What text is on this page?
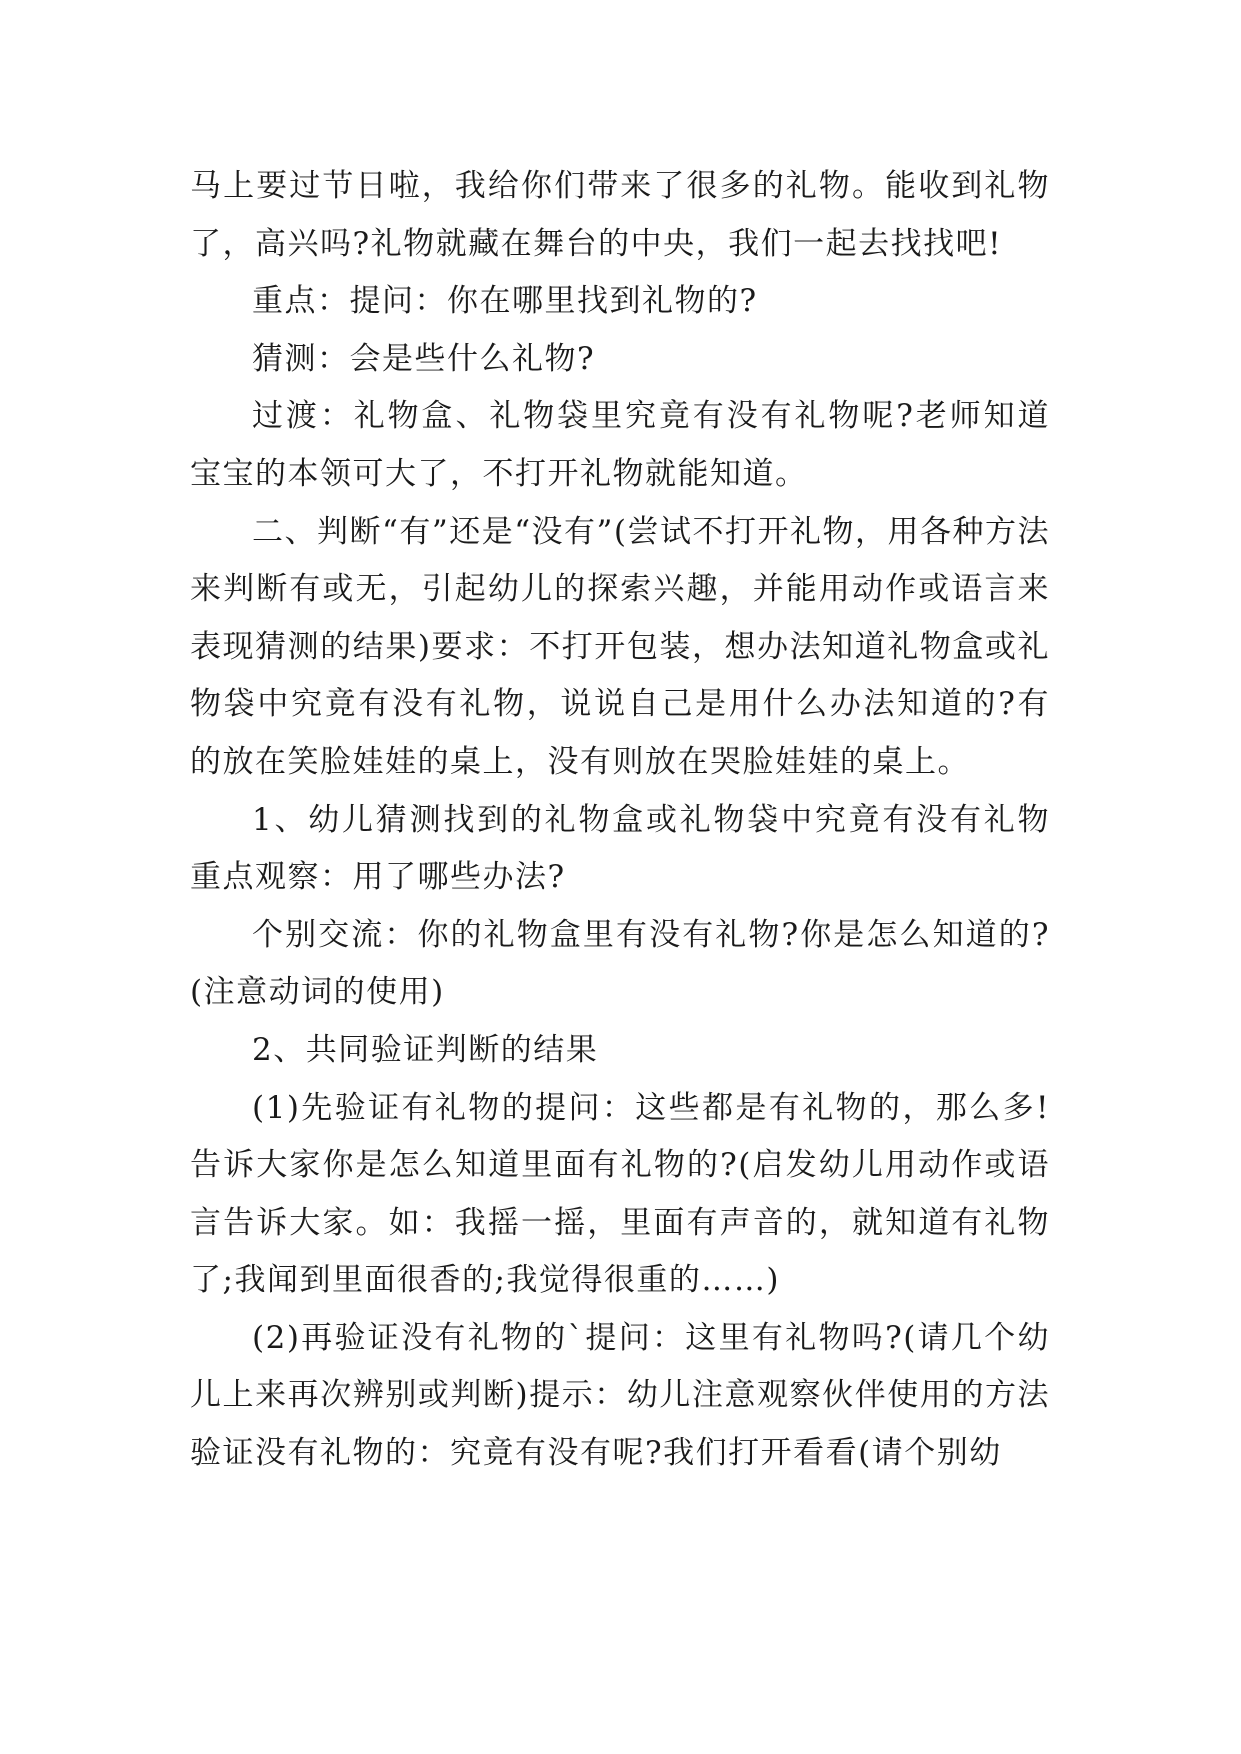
马上要过节日啦，我给你们带来了很多的礼物。能收到礼物了，高兴吗?礼物就藏在舞台的中央，我们一起去找找吧!

重点：提问：你在哪里找到礼物的?

猜测：会是些什么礼物?

过渡：礼物盒、礼物袋里究竟有没有礼物呢?老师知道宝宝的本领可大了，不打开礼物就能知道。

二、判断“有”还是“没有”(尝试不打开礼物，用各种方法来判断有或无，引起幼儿的探索兴趣，并能用动作或语言来表现猜测的结果)要求：不打开包装，想办法知道礼物盒或礼物袋中究竟有没有礼物，说说自己是用什么办法知道的?有的放在笑脸娃娃的桌上，没有则放在哭脸娃娃的桌上。

1、幼儿猜测找到的礼物盒或礼物袋中究竟有没有礼物重点观察：用了哪些办法?

个别交流：你的礼物盒里有没有礼物?你是怎么知道的?(注意动词的使用)

2、共同验证判断的结果

(1)先验证有礼物的提问：这些都是有礼物的，那么多!告诉大家你是怎么知道里面有礼物的?(启发幼儿用动作或语言告诉大家。如：我摇一摇，里面有声音的，就知道有礼物了;我闻到里面很香的;我觉得很重的……)

(2)再验证没有礼物的`提问：这里有礼物吗?(请几个幼儿上来再次辨别或判断)提示：幼儿注意观察伙伴使用的方法验证没有礼物的：究竟有没有呢?我们打开看看(请个别幼
